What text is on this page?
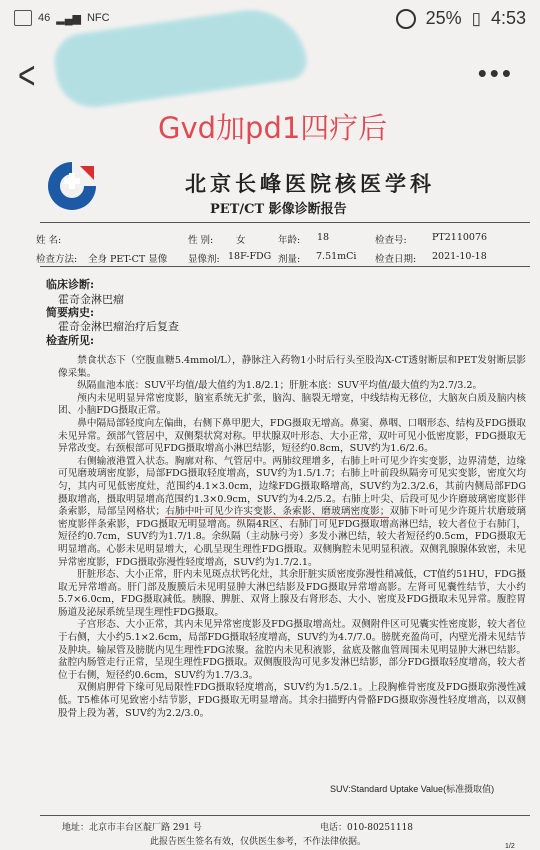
46 ▂▄▆ NFC	25% ▯ 4:53
<	•••
Gvd加pd1四疗后
北京长峰医院核医学科
PET/CT 影像诊断报告
姓 名:	性 别: 女	年龄: 18	检查号:	PT2110076
检查方法: 全身 PET-CT 显像 显像剂: 18F-FDG 剂量: 7.51mCi 检查日期: 2021-10-18
临床诊断:
霍奇金淋巴瘤
简要病史:
霍奇金淋巴瘤治疗后复查
检查所见:

禁食状态下（空腹血糖5.4mmol/L），静脉注入药物1小时后行头至股沟X-CT透射断层和PET发射断层影像采集。

纵隔血池本底：SUV平均值/最大值约为1.8/2.1；肝脏本底：SUV平均值/最大值约为2.7/3.2。

颅内未见明显异常密度影，脑室系统无扩张，脑沟、脑裂无增宽，中线结构无移位，大脑灰白质及脑内核团、小脑FDG摄取正常。

鼻中隔局部轻度向左偏曲，右侧下鼻甲肥大，FDG摄取无增高。鼻窦、鼻咽、口咽形态、结构及FDG摄取未见异常。颈部气管居中，双侧梨状窝对称。甲状腺双叶形态、大小正常，双叶可见小低密度影，FDG摄取无异常改变。右颈根部可见FDG摄取增高小淋巴结影，短径约0.8cm，SUV约为1.6/2.6。

右侧输液港置入状态。胸廓对称、气管居中。两肺纹理增多，右肺上叶可见少许实变影，边界清楚，边缘可见磨玻璃密度影，局部FDG摄取轻度增高，SUV约为1.5/1.7；右肺上叶前段纵隔旁可见实变影，密度欠均匀，其内可见低密度灶，范围约4.1×3.0cm，边缘FDG摄取略增高，SUV约为2.3/2.6，其前内侧局部FDG摄取增高，摄取明显增高范围约1.3×0.9cm，SUV约为4.2/5.2。右肺上叶尖、后段可见少许磨玻璃密度影伴条索影，局部呈网格状；右肺中叶可见少许实变影、条索影、磨玻璃密度影；双肺下叶可见少许斑片状磨玻璃密度影伴条索影，FDG摄取无明显增高。纵隔4R区、右肺门可见FDG摄取增高淋巴结，较大者位于右肺门，短径约0.7cm，SUV约为1.7/1.8。余纵隔（主动脉弓旁）多发小淋巴结，较大者短径约0.5cm，FDG摄取无明显增高。心影未见明显增大，心肌呈现生理性FDG摄取。双侧胸腔未见明显积液。双侧乳腺腺体致密，未见异常密度影，FDG摄取弥漫性轻度增高，SUV约为1.7/2.1。

肝脏形态、大小正常，肝内未见斑点状钙化灶，其余肝脏实质密度弥漫性稍减低，CT值约51HU，FDG摄取无异常增高。肝门部及腹膜后未见明显肿大淋巴结影及FDG摄取异常增高影。左肾可见囊性结节，大小约5.7×6.0cm，FDG摄取减低。胰腺、脾脏、双肾上腺及右肾形态、大小、密度及FDG摄取未见异常。腹腔胃肠道及泌尿系统呈现生理性FDG摄取。

子宫形态、大小正常，其内未见异常密度影及FDG摄取增高灶。双侧附件区可见囊实性密度影，较大者位于右侧，大小约5.1×2.6cm，局部FDG摄取轻度增高，SUV约为4.7/7.0。膀胱充盈尚可，内壁光滑未见结节及肿块。输尿管及膀胱内见生理性FDG浓聚。盆腔内未见积液影，盆底及髂血管周围未见明显肿大淋巴结影。盆腔内肠管走行正常，呈现生理性FDG摄取。双侧腹股沟可见多发淋巴结影，部分FDG摄取轻度增高，较大者位于右侧，短径约0.6cm，SUV约为1.7/3.3。

双侧肩胛骨下缘可见局限性FDG摄取轻度增高，SUV约为1.5/2.1。上段胸椎骨密度及FDG摄取弥漫性减低。T5椎体可见致密小结节影，FDG摄取无明显增高。其余扫描野内骨骼FDG摄取弥漫性轻度增高，以双侧股骨上段为著，SUV约为2.2/3.0。

SUV:Standard Uptake Value(标准摄取值)
地址：北京市丰台区靛厂路 291 号	电话：010-80251118
此报告医生签名有效，仅供医生参考，不作法律依据。	1/2
